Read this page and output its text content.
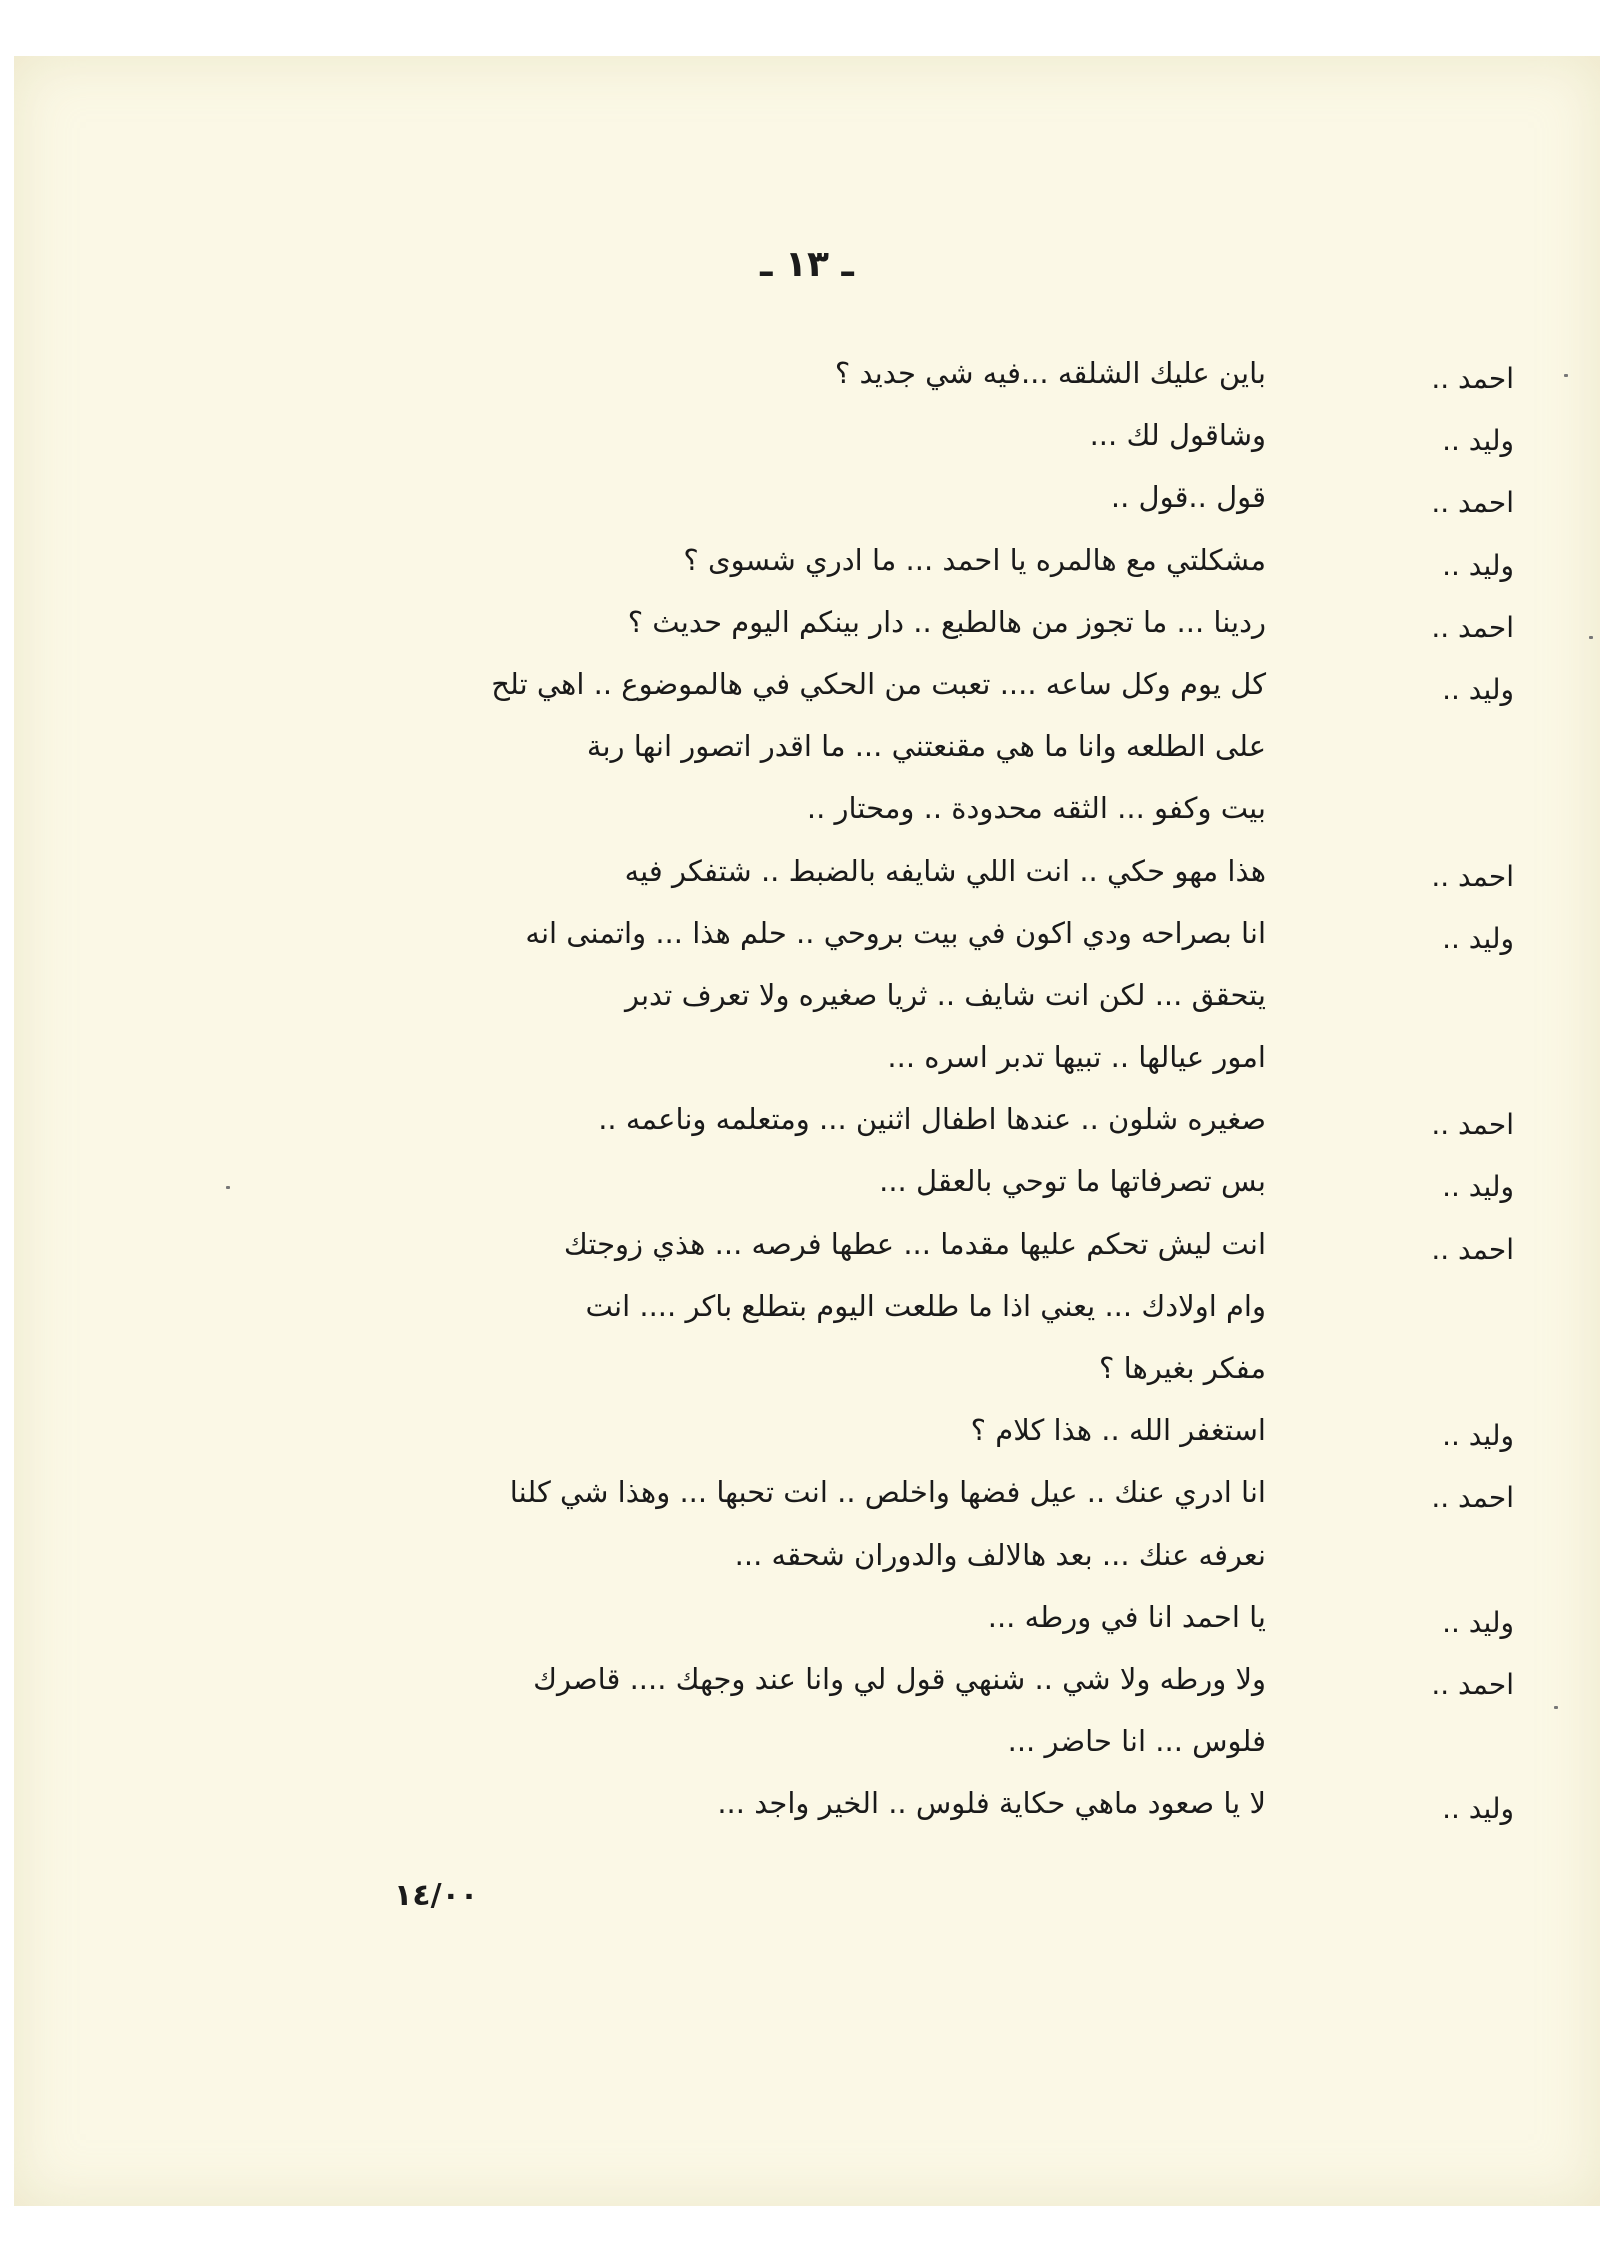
ـ ١٣ ـ
احمد ..
باين عليك الشلقه ...فيه شي جديد ؟
وليد ..
وشاقول لك ...
احمد ..
قول ..قول ..
وليد ..
مشكلتي مع هالمره يا احمد ... ما ادري شسوى ؟
احمد ..
ردينا ... ما تجوز من هالطبع .. دار بينكم اليوم حديث ؟
وليد ..
كل يوم وكل ساعه .... تعبت من الحكي في هالموضوع .. اهي تلح
على الطلعه وانا ما هي مقنعتني ... ما اقدر اتصور انها ربة
بيت وكفو ... الثقه محدودة .. ومحتار ..
احمد ..
هذا مهو حكي .. انت اللي شايفه بالضبط .. شتفكر فيه
وليد ..
انا بصراحه ودي اكون في بيت بروحي .. حلم هذا ... واتمنى انه
يتحقق ... لكن انت شايف .. ثريا صغيره ولا تعرف تدبر
امور عيالها .. تبيها تدبر اسره ...
احمد ..
صغيره شلون .. عندها اطفال اثنين ... ومتعلمه وناعمه ..
وليد ..
بس تصرفاتها ما توحي بالعقل ...
احمد ..
انت ليش تحكم عليها مقدما ... عطها فرصه ... هذي زوجتك
وام اولادك ... يعني اذا ما طلعت اليوم بتطلع باكر .... انت
مفكر بغيرها ؟
وليد ..
استغفر الله .. هذا كلام ؟
احمد ..
انا ادري عنك .. عيل فضها واخلص .. انت تحبها ... وهذا شي كلنا
نعرفه عنك ... بعد هالالف والدوران شحقه ...
وليد ..
يا احمد انا في ورطه ...
احمد ..
ولا ورطه ولا شي .. شنهي قول لي وانا عند وجهك .... قاصرك
فلوس ... انا حاضر ...
وليد ..
لا يا صعود ماهي حكاية فلوس .. الخير واجد ...
١٤/٠٠
